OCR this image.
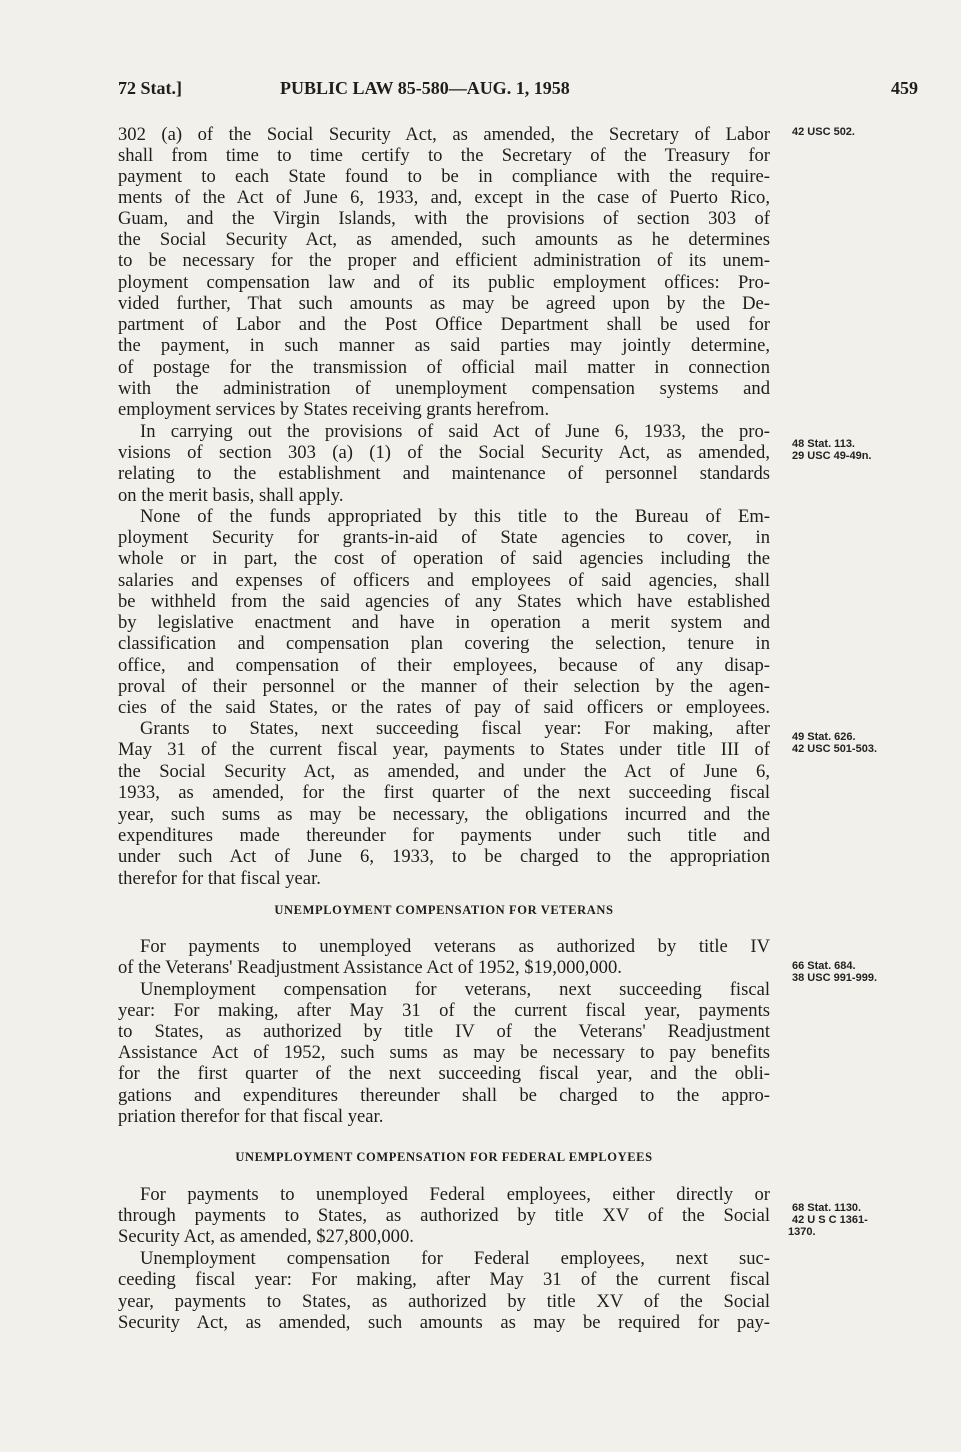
72 Stat.]	PUBLIC LAW 85-580—AUG. 1, 1958	459
302 (a) of the Social Security Act, as amended, the Secretary of Labor
shall from time to time certify to the Secretary of the Treasury for
payment to each State found to be in compliance with the require-
ments of the Act of June 6, 1933, and, except in the case of Puerto Rico,
Guam, and the Virgin Islands, with the provisions of section 303 of
the Social Security Act, as amended, such amounts as he determines
to be necessary for the proper and efficient administration of its unem-
ployment compensation law and of its public employment offices: Pro-
vided further, That such amounts as may be agreed upon by the De-
partment of Labor and the Post Office Department shall be used for
the payment, in such manner as said parties may jointly determine,
of postage for the transmission of official mail matter in connection
with the administration of unemployment compensation systems and
employment services by States receiving grants herefrom.
In carrying out the provisions of said Act of June 6, 1933, the pro-
visions of section 303 (a) (1) of the Social Security Act, as amended,
relating to the establishment and maintenance of personnel standards
on the merit basis, shall apply.
None of the funds appropriated by this title to the Bureau of Em-
ployment Security for grants-in-aid of State agencies to cover, in
whole or in part, the cost of operation of said agencies including the
salaries and expenses of officers and employees of said agencies, shall
be withheld from the said agencies of any States which have established
by legislative enactment and have in operation a merit system and
classification and compensation plan covering the selection, tenure in
office, and compensation of their employees, because of any disap-
proval of their personnel or the manner of their selection by the agen-
cies of the said States, or the rates of pay of said officers or employees.
Grants to States, next succeeding fiscal year: For making, after
May 31 of the current fiscal year, payments to States under title III of
the Social Security Act, as amended, and under the Act of June 6,
1933, as amended, for the first quarter of the next succeeding fiscal
year, such sums as may be necessary, the obligations incurred and the
expenditures made thereunder for payments under such title and
under such Act of June 6, 1933, to be charged to the appropriation
therefor for that fiscal year.
UNEMPLOYMENT COMPENSATION FOR VETERANS
For payments to unemployed veterans as authorized by title IV
of the Veterans' Readjustment Assistance Act of 1952, $19,000,000.
Unemployment compensation for veterans, next succeeding fiscal
year: For making, after May 31 of the current fiscal year, payments
to States, as authorized by title IV of the Veterans' Readjustment
Assistance Act of 1952, such sums as may be necessary to pay benefits
for the first quarter of the next succeeding fiscal year, and the obli-
gations and expenditures thereunder shall be charged to the appro-
priation therefor for that fiscal year.
UNEMPLOYMENT COMPENSATION FOR FEDERAL EMPLOYEES
For payments to unemployed Federal employees, either directly or
through payments to States, as authorized by title XV of the Social
Security Act, as amended, $27,800,000.
Unemployment compensation for Federal employees, next suc-
ceeding fiscal year: For making, after May 31 of the current fiscal
year, payments to States, as authorized by title XV of the Social
Security Act, as amended, such amounts as may be required for pay-
42 USC 502.
48 Stat. 113.
29 USC 49-49n.
49 Stat. 626.
42 USC 501-503.
66 Stat. 684.
38 USC 991-999.
68 Stat. 1130.
42 U S C 1361-
1370.
